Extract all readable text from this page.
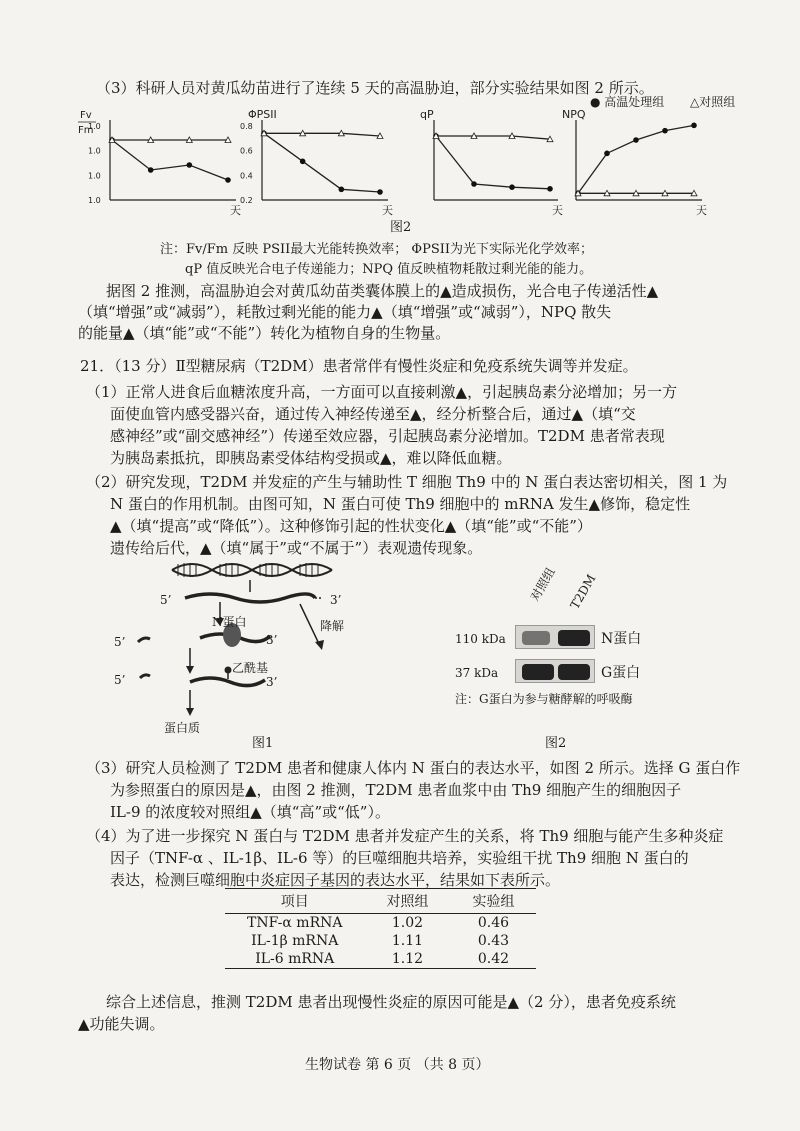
（3）科研人员对黄瓜幼苗进行了连续 5 天的高温胁迫，部分实验结果如图 2 所示。
● 高温处理组 △对照组
Fv
Fm
天
1.0
1.0
1.0
1.0
ΦPSII
天
0.8
0.6
0.4
0.2
qP
天
NPQ
天
图2
注：Fv/Fm 反映 PSII最大光能转换效率； ΦPSII为光下实际光化学效率；
qP 值反映光合电子传递能力；NPQ 值反映植物耗散过剩光能的能力。
据图 2 推测，高温胁迫会对黄瓜幼苗类囊体膜上的▲造成损伤，光合电子传递活性▲
（填“增强”或“减弱”），耗散过剩光能的能力▲（填“增强”或“减弱”），NPQ 散失
的能量▲（填“能”或“不能”）转化为植物自身的生物量。
21．（13 分）Ⅱ型糖尿病（T2DM）患者常伴有慢性炎症和免疫系统失调等并发症。
（1）正常人进食后血糖浓度升高，一方面可以直接刺激▲，引起胰岛素分泌增加；另一方
面使血管内感受器兴奋，通过传入神经传递至▲，经分析整合后，通过▲（填“交
感神经”或“副交感神经”）传递至效应器，引起胰岛素分泌增加。T2DM 患者常表现
为胰岛素抵抗，即胰岛素受体结构受损或▲，难以降低血糖。
（2）研究发现，T2DM 并发症的产生与辅助性 T 细胞 Th9 中的 N 蛋白表达密切相关，图 1 为
N 蛋白的作用机制。由图可知，N 蛋白可使 Th9 细胞中的 mRNA 发生▲修饰，稳定性
▲（填“提高”或“降低”）。这种修饰引起的性状变化▲（填“能”或“不能”）
遗传给后代，▲（填“属于”或“不属于”）表观遗传现象。
5’	3’
N蛋白	降解
5’	3’
乙酰基
5’	3’
蛋白质
图1
对照组 T2DM
110 kDa	N蛋白
37 kDa	G蛋白
注：G蛋白为参与糖酵解的呼吸酶
图2
（3）研究人员检测了 T2DM 患者和健康人体内 N 蛋白的表达水平，如图 2 所示。选择 G 蛋白作
为参照蛋白的原因是▲，由图 2 推测，T2DM 患者血浆中由 Th9 细胞产生的细胞因子
IL-9 的浓度较对照组▲（填“高”或“低”）。
（4）为了进一步探究 N 蛋白与 T2DM 患者并发症产生的关系，将 Th9 细胞与能产生多种炎症
因子（TNF-α 、IL-1β、IL-6 等）的巨噬细胞共培养，实验组干扰 Th9 细胞 N 蛋白的
表达，检测巨噬细胞中炎症因子基因的表达水平，结果如下表所示。
项目	对照组	实验组
TNF-α mRNA	1.02	0.46
IL-1β mRNA	1.11	0.43
IL-6 mRNA	1.12	0.42
综合上述信息，推测 T2DM 患者出现慢性炎症的原因可能是▲（2 分），患者免疫系统
▲功能失调。
生物试卷 第 6 页 （共 8 页）
